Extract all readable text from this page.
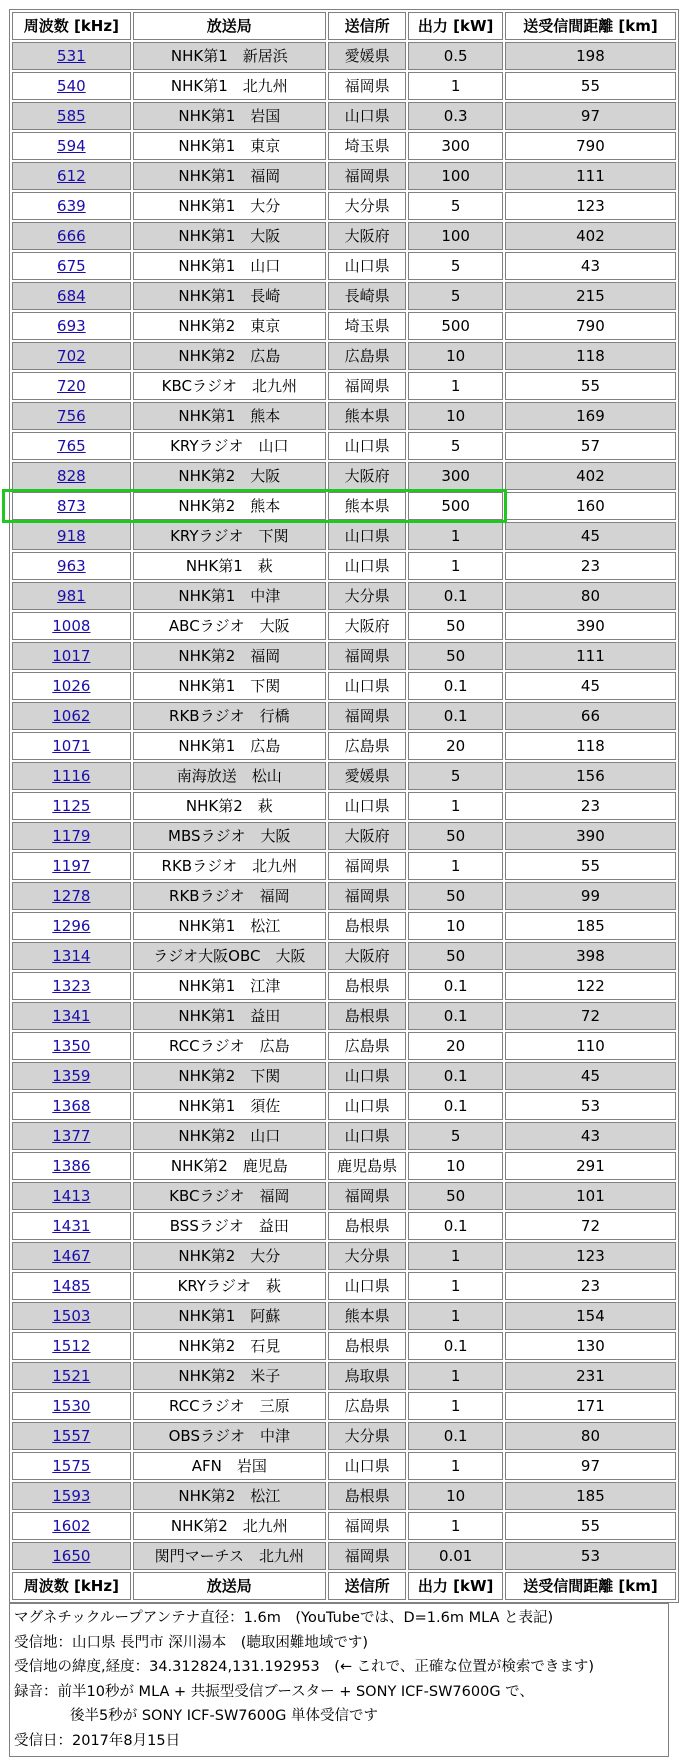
周波数 [kHz]	放送局	送信所	出力 [kW]	送受信間距離 [km]
531	NHK第1　新居浜	愛媛県	0.5	198
540	NHK第1　北九州	福岡県	1	55
585	NHK第1　岩国	山口県	0.3	97
594	NHK第1　東京	埼玉県	300	790
612	NHK第1　福岡	福岡県	100	111
639	NHK第1　大分	大分県	5	123
666	NHK第1　大阪	大阪府	100	402
675	NHK第1　山口	山口県	5	43
684	NHK第1　長崎	長崎県	5	215
693	NHK第2　東京	埼玉県	500	790
702	NHK第2　広島	広島県	10	118
720	KBCラジオ　北九州	福岡県	1	55
756	NHK第1　熊本	熊本県	10	169
765	KRYラジオ　山口	山口県	5	57
828	NHK第2　大阪	大阪府	300	402
873	NHK第2　熊本	熊本県	500	160
918	KRYラジオ　下関	山口県	1	45
963	NHK第1　萩	山口県	1	23
981	NHK第1　中津	大分県	0.1	80
1008	ABCラジオ　大阪	大阪府	50	390
1017	NHK第2　福岡	福岡県	50	111
1026	NHK第1　下関	山口県	0.1	45
1062	RKBラジオ　行橋	福岡県	0.1	66
1071	NHK第1　広島	広島県	20	118
1116	南海放送　松山	愛媛県	5	156
1125	NHK第2　萩	山口県	1	23
1179	MBSラジオ　大阪	大阪府	50	390
1197	RKBラジオ　北九州	福岡県	1	55
1278	RKBラジオ　福岡	福岡県	50	99
1296	NHK第1　松江	島根県	10	185
1314	ラジオ大阪OBC　大阪	大阪府	50	398
1323	NHK第1　江津	島根県	0.1	122
1341	NHK第1　益田	島根県	0.1	72
1350	RCCラジオ　広島	広島県	20	110
1359	NHK第2　下関	山口県	0.1	45
1368	NHK第1　須佐	山口県	0.1	53
1377	NHK第2　山口	山口県	5	43
1386	NHK第2　鹿児島	鹿児島県	10	291
1413	KBCラジオ　福岡	福岡県	50	101
1431	BSSラジオ　益田	島根県	0.1	72
1467	NHK第2　大分	大分県	1	123
1485	KRYラジオ　萩	山口県	1	23
1503	NHK第1　阿蘇	熊本県	1	154
1512	NHK第2　石見	島根県	0.1	130
1521	NHK第2　米子	鳥取県	1	231
1530	RCCラジオ　三原	広島県	1	171
1557	OBSラジオ　中津	大分県	0.1	80
1575	AFN　岩国	山口県	1	97
1593	NHK第2　松江	島根県	10	185
1602	NHK第2　北九州	福岡県	1	55
1650	関門マーチス　北九州	福岡県	0.01	53
周波数 [kHz]	放送局	送信所	出力 [kW]	送受信間距離 [km]
マグネチックループアンテナ直径：1.6m　(YouTubeでは、D=1.6m MLA と表記)
受信地：山口県 長門市 深川湯本　(聴取困難地域です)
受信地の緯度,経度：34.312824,131.192953　(← これで、正確な位置が検索できます)
録音：前半10秒が MLA + 共振型受信ブースター + SONY ICF-SW7600G で、
後半5秒が SONY ICF-SW7600G 単体受信です
受信日：2017年8月15日
